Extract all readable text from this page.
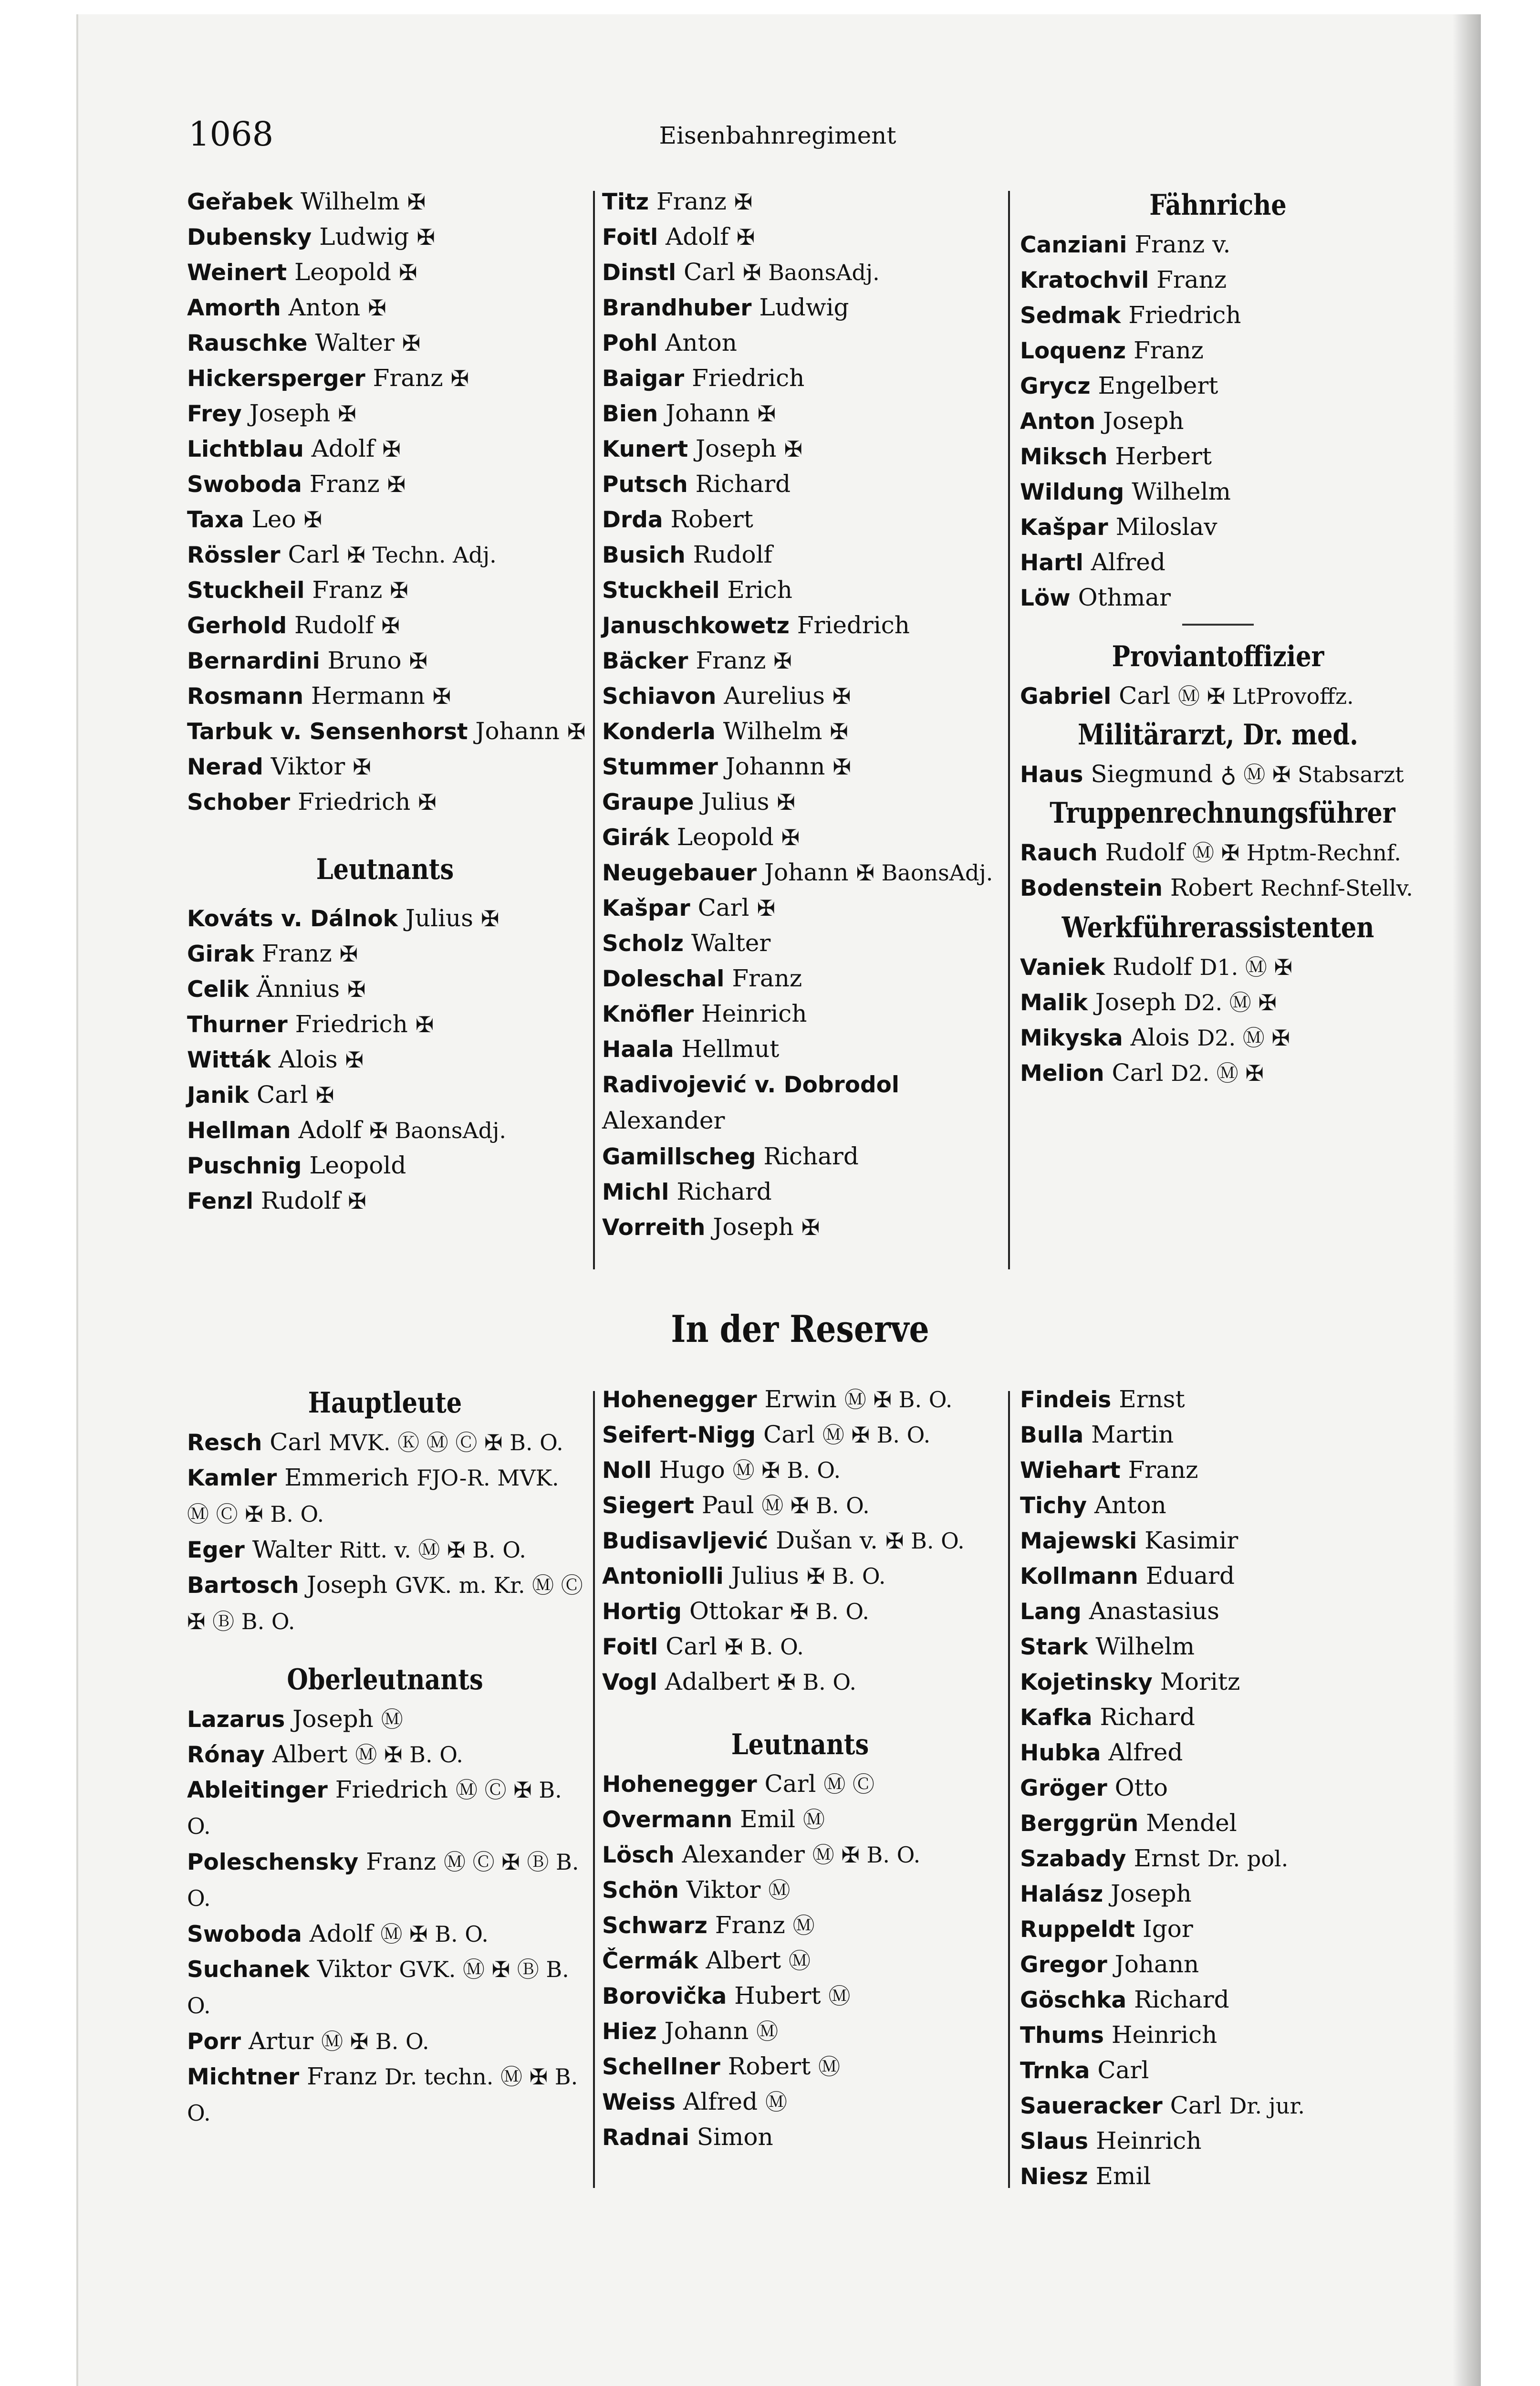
1068	Eisenbahnregiment
Geřabek Wilhelm ✠
Dubensky Ludwig ✠
Weinert Leopold ✠
Amorth Anton ✠
Rauschke Walter ✠
Hickersperger Franz ✠
Frey Joseph ✠
Lichtblau Adolf ✠
Swoboda Franz ✠
Taxa Leo ✠
Rössler Carl ✠ Techn. Adj.
Stuckheil Franz ✠
Gerhold Rudolf ✠
Bernardini Bruno ✠
Rosmann Hermann ✠
Tarbuk v. Sensenhorst Johann ✠
Nerad Viktor ✠
Schober Friedrich ✠
Leutnants
Kováts v. Dálnok Julius ✠
Girak Franz ✠
Celik Ännius ✠
Thurner Friedrich ✠
Witták Alois ✠
Janik Carl ✠
Hellman Adolf ✠ BaonsAdj.
Puschnig Leopold
Fenzl Rudolf ✠
Titz Franz ✠
Foitl Adolf ✠
Dinstl Carl ✠ BaonsAdj.
Brandhuber Ludwig
Pohl Anton
Baigar Friedrich
Bien Johann ✠
Kunert Joseph ✠
Putsch Richard
Drda Robert
Busich Rudolf
Stuckheil Erich
Januschkowetz Friedrich
Bäcker Franz ✠
Schiavon Aurelius ✠
Konderla Wilhelm ✠
Stummer Johannn ✠
Graupe Julius ✠
Girák Leopold ✠
Neugebauer Johann ✠ BaonsAdj.
Kašpar Carl ✠
Scholz Walter
Doleschal Franz
Knöfler Heinrich
Haala Hellmut
Radivojević v. Dobrodol Alexander
Gamillscheg Richard
Michl Richard
Vorreith Joseph ✠
Fähnriche
Canziani Franz v.
Kratochvil Franz
Sedmak Friedrich
Loquenz Franz
Grycz Engelbert
Anton Joseph
Miksch Herbert
Wildung Wilhelm
Kašpar Miloslav
Hartl Alfred
Löw Othmar
Proviantoffizier
Gabriel Carl Ⓜ ✠ LtProvoffz.
Militärarzt, Dr. med.
Haus Siegmund ♁ Ⓜ ✠ Stabsarzt
Truppenrechnungsführer
Rauch Rudolf Ⓜ ✠ Hptm-Rechnf.
Bodenstein Robert Rechnf-Stellv.
Werkführerassistenten
Vaniek Rudolf D1. Ⓜ ✠
Malik Joseph D2. Ⓜ ✠
Mikyska Alois D2. Ⓜ ✠
Melion Carl D2. Ⓜ ✠
In der Reserve
Hauptleute
Resch Carl MVK. Ⓚ Ⓜ Ⓒ ✠ B. O.
Kamler Emmerich FJO-R. MVK. Ⓜ Ⓒ ✠ B. O.
Eger Walter Ritt. v. Ⓜ ✠ B. O.
Bartosch Joseph GVK. m. Kr. Ⓜ Ⓒ ✠ Ⓑ B. O.
Oberleutnants
Lazarus Joseph Ⓜ
Rónay Albert Ⓜ ✠ B. O.
Ableitinger Friedrich Ⓜ Ⓒ ✠ B. O.
Poleschensky Franz Ⓜ Ⓒ ✠ Ⓑ B. O.
Swoboda Adolf Ⓜ ✠ B. O.
Suchanek Viktor GVK. Ⓜ ✠ Ⓑ B. O.
Porr Artur Ⓜ ✠ B. O.
Michtner Franz Dr. techn. Ⓜ ✠ B. O.
Hohenegger Erwin Ⓜ ✠ B. O.
Seifert-Nigg Carl Ⓜ ✠ B. O.
Noll Hugo Ⓜ ✠ B. O.
Siegert Paul Ⓜ ✠ B. O.
Budisavljević Dušan v. ✠ B. O.
Antoniolli Julius ✠ B. O.
Hortig Ottokar ✠ B. O.
Foitl Carl ✠ B. O.
Vogl Adalbert ✠ B. O.
Leutnants
Hohenegger Carl Ⓜ Ⓒ
Overmann Emil Ⓜ
Lösch Alexander Ⓜ ✠ B. O.
Schön Viktor Ⓜ
Schwarz Franz Ⓜ
Čermák Albert Ⓜ
Borovička Hubert Ⓜ
Hiez Johann Ⓜ
Schellner Robert Ⓜ
Weiss Alfred Ⓜ
Radnai Simon
Findeis Ernst
Bulla Martin
Wiehart Franz
Tichy Anton
Majewski Kasimir
Kollmann Eduard
Lang Anastasius
Stark Wilhelm
Kojetinsky Moritz
Kafka Richard
Hubka Alfred
Gröger Otto
Berggrün Mendel
Szabady Ernst Dr. pol.
Halász Joseph
Ruppeldt Igor
Gregor Johann
Göschka Richard
Thums Heinrich
Trnka Carl
Saueracker Carl Dr. jur.
Slaus Heinrich
Niesz Emil
